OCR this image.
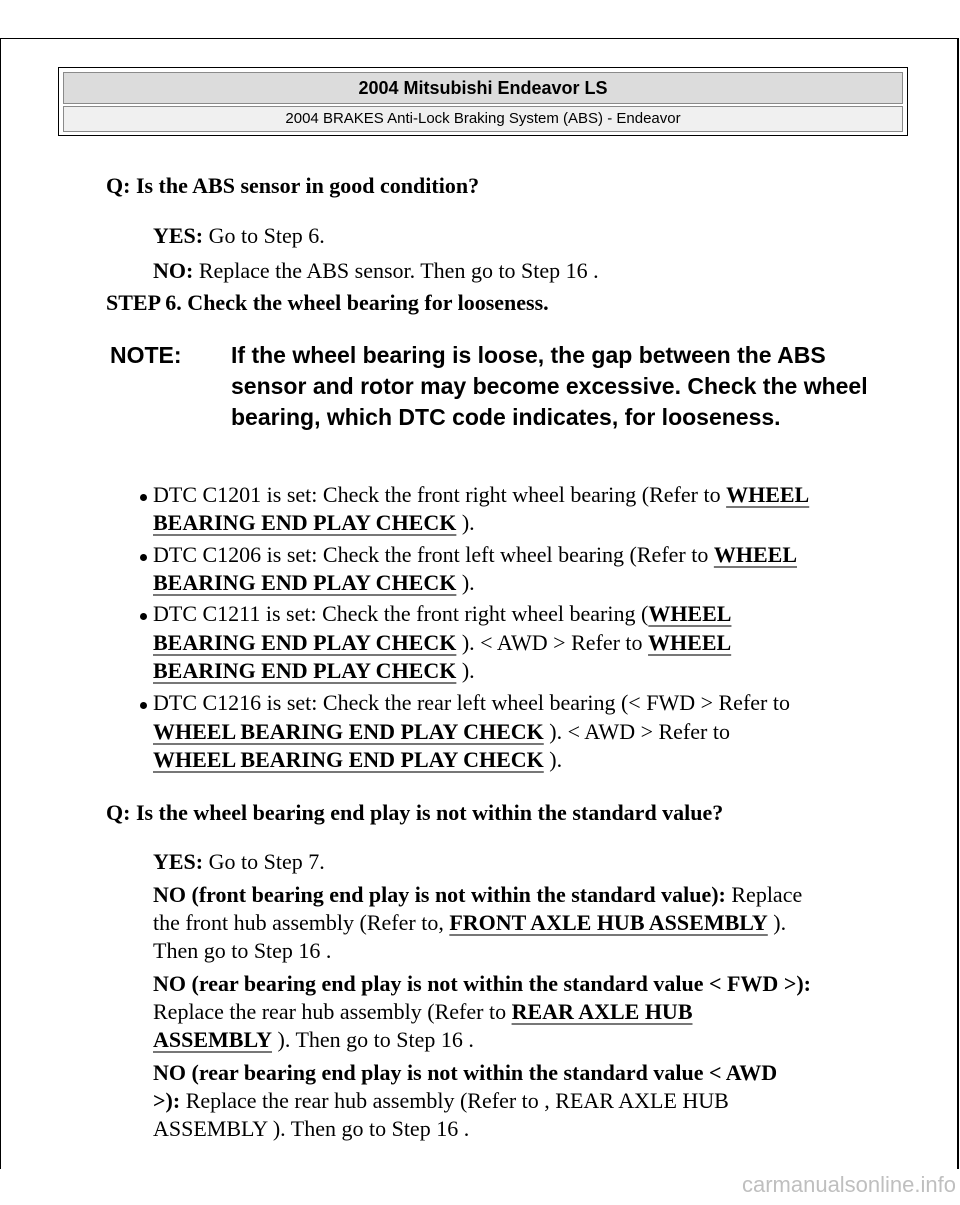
2004 Mitsubishi Endeavor LS
2004 BRAKES Anti-Lock Braking System (ABS) - Endeavor
Q: Is the ABS sensor in good condition?
YES: Go to Step 6.
NO: Replace the ABS sensor. Then go to Step 16 .
STEP 6. Check the wheel bearing for looseness.
NOTE: If the wheel bearing is loose, the gap between the ABS sensor and rotor may become excessive. Check the wheel bearing, which DTC code indicates, for looseness.
DTC C1201 is set: Check the front right wheel bearing (Refer to WHEEL
BEARING END PLAY CHECK ).
DTC C1206 is set: Check the front left wheel bearing (Refer to WHEEL
BEARING END PLAY CHECK ).
DTC C1211 is set: Check the front right wheel bearing (WHEEL
BEARING END PLAY CHECK ). < AWD > Refer to WHEEL
BEARING END PLAY CHECK ).
DTC C1216 is set: Check the rear left wheel bearing (< FWD > Refer to
WHEEL BEARING END PLAY CHECK ). < AWD > Refer to
WHEEL BEARING END PLAY CHECK ).
Q: Is the wheel bearing end play is not within the standard value?
YES: Go to Step 7.
NO (front bearing end play is not within the standard value): Replace
the front hub assembly (Refer to, FRONT AXLE HUB ASSEMBLY ).
Then go to Step 16 .
NO (rear bearing end play is not within the standard value < FWD >):
Replace the rear hub assembly (Refer to REAR AXLE HUB
ASSEMBLY ). Then go to Step 16 .
NO (rear bearing end play is not within the standard value < AWD
>): Replace the rear hub assembly (Refer to , REAR AXLE HUB
ASSEMBLY ). Then go to Step 16 .
carmanualsonline.info
